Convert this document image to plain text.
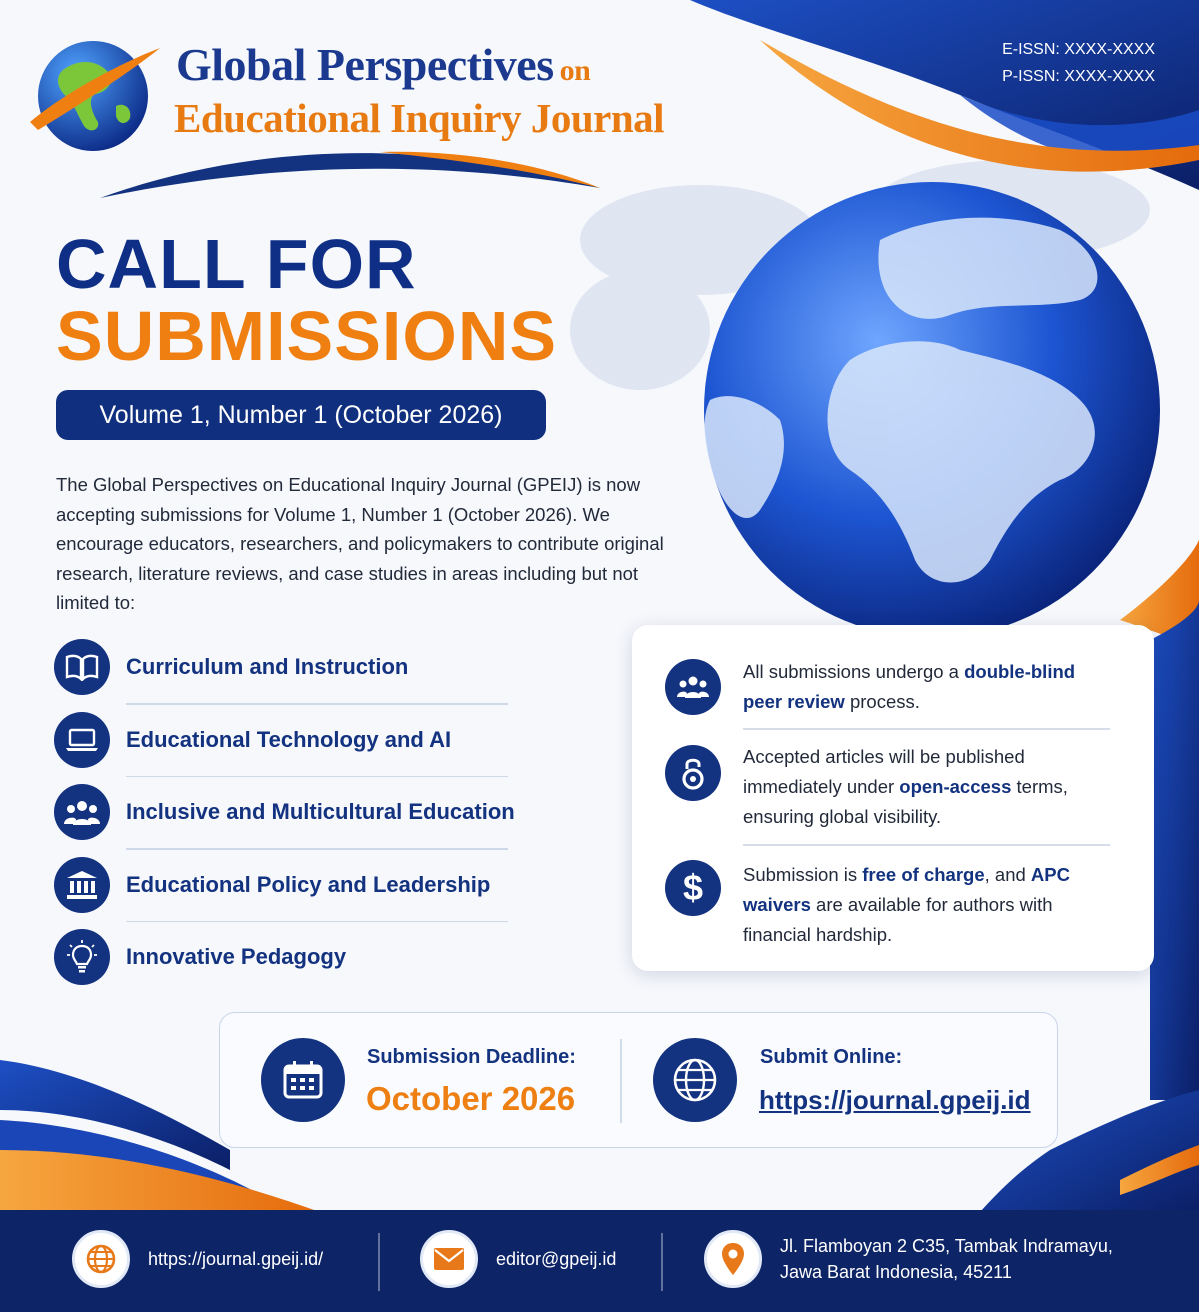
Global Perspectives on
Educational Inquiry Journal
E-ISSN: XXXX-XXXX
P-ISSN: XXXX-XXXX
CALL FOR
SUBMISSIONS
Volume 1, Number 1 (October 2026)

The Global Perspectives on Educational Inquiry Journal (GPEIJ) is now accepting submissions for Volume 1, Number 1 (October 2026). We encourage educators, researchers, and policymakers to contribute original research, literature reviews, and case studies in areas including but not limited to:

Curriculum and Instruction
Educational Technology and AI
Inclusive and Multicultural Education
Educational Policy and Leadership
Innovative Pedagogy
All submissions undergo a double-blind peer review process.
Accepted articles will be published immediately under open-access terms, ensuring global visibility.
$ Submission is free of charge, and APC waivers are available for authors with financial hardship.
Submission Deadline:
October 2026
Submit Online:
https://journal.gpeij.id
https://journal.gpeij.id/	editor@gpeij.id
Jl. Flamboyan 2 C35, Tambak Indramayu,
Jawa Barat Indonesia, 45211
